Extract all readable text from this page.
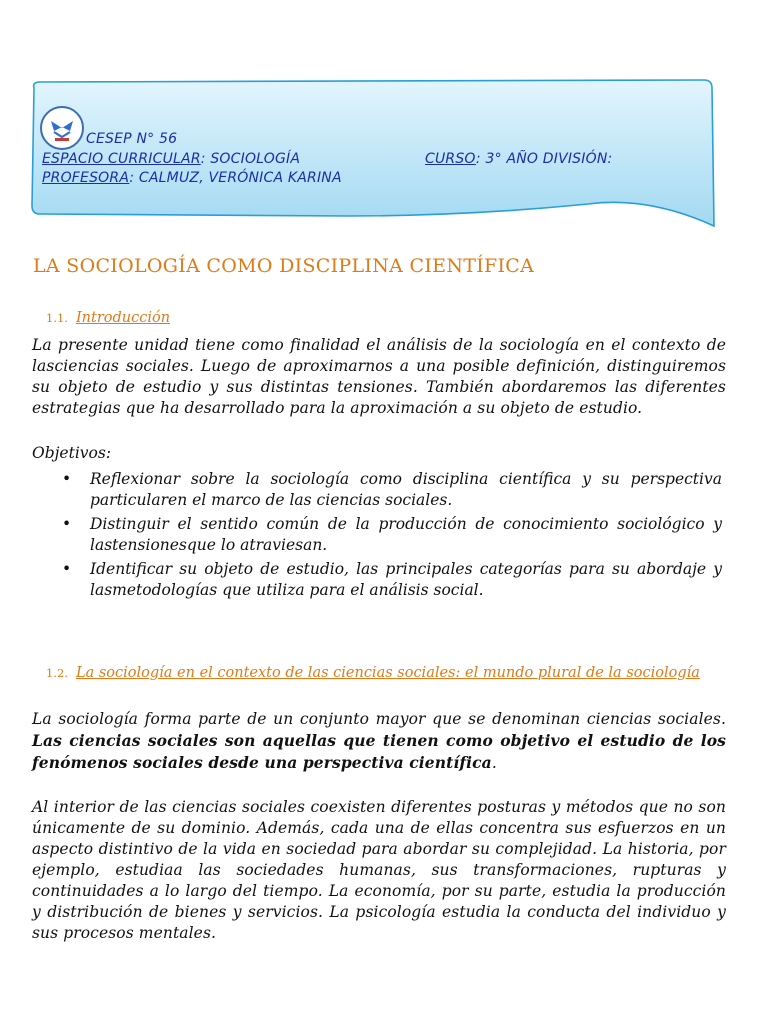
CESEP N° 56
ESPACIO CURRICULAR: SOCIOLOGÍA	CURSO: 3° AÑO DIVISIÓN:
PROFESORA: CALMUZ, VERÓNICA KARINA
LA SOCIOLOGÍA COMO DISCIPLINA CIENTÍFICA
1.1. Introducción

La presente unidad tiene como finalidad el análisis de la sociología en el contexto de lasciencias sociales. Luego de aproximarnos a una posible definición, distinguiremos su objeto de estudio y sus distintas tensiones. También abordaremos las diferentes estrategias que ha desarrollado para la aproximación a su objeto de estudio.

Objetivos:
• Reflexionar sobre la sociología como disciplina científica y su perspectiva particularen el marco de las ciencias sociales.
• Distinguir el sentido común de la producción de conocimiento sociológico y lastensionesque lo atraviesan.
• Identificar su objeto de estudio, las principales categorías para su abordaje y lasmetodologías que utiliza para el análisis social.
1.2. La sociología en el contexto de las ciencias sociales: el mundo plural de la sociología

La sociología forma parte de un conjunto mayor que se denominan ciencias sociales. Las ciencias sociales son aquellas que tienen como objetivo el estudio de los fenómenos sociales desde una perspectiva científica.

Al interior de las ciencias sociales coexisten diferentes posturas y métodos que no son únicamente de su dominio. Además, cada una de ellas concentra sus esfuerzos en un aspecto distintivo de la vida en sociedad para abordar su complejidad. La historia, por ejemplo, estudiaa las sociedades humanas, sus transformaciones, rupturas y continuidades a lo largo del tiempo. La economía, por su parte, estudia la producción y distribución de bienes y servicios. La psicología estudia la conducta del individuo y sus procesos mentales.
